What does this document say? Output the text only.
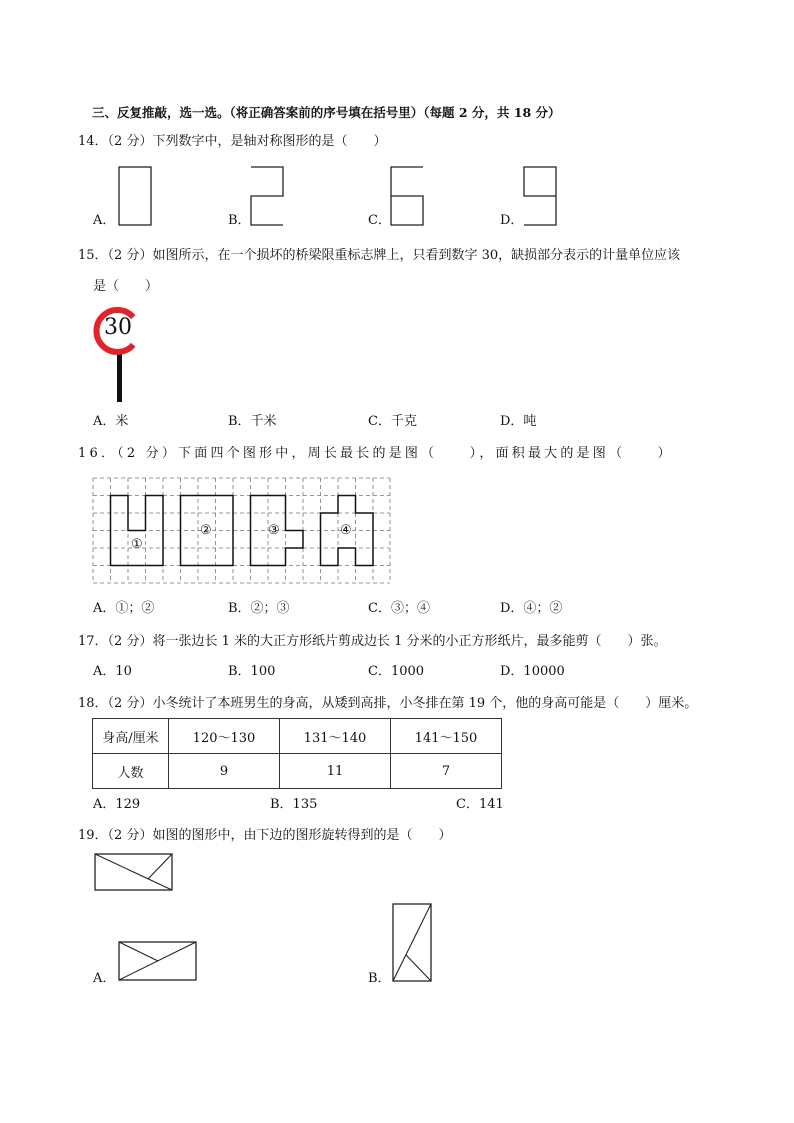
三、反复推敲，选一选。（将正确答案前的序号填在括号里）（每题 2 分，共 18 分）
14．（2 分）下列数字中，是轴对称图形的是（　　）
A．	B．	C．	D．
15．（2 分）如图所示，在一个损坏的桥梁限重标志牌上，只看到数字 30，缺损部分表示的计量单位应该
是（　　）
30
A．米	B．千米	C．千克	D．吨
16．（2 分）下面四个图形中，周长最长的是图（　　），面积最大的是图（　　）
①
②	③	④
A．①；②	B．②；③	C．③；④	D．④；②
17．（2 分）将一张边长 1 米的大正方形纸片剪成边长 1 分米的小正方形纸片，最多能剪（　　）张。
A．10	B．100	C．1000	D．10000
18．（2 分）小冬统计了本班男生的身高，从矮到高排，小冬排在第 19 个，他的身高可能是（　　）厘米。
身高/厘米	120～130	131～140	141～150
人数	9	11	7
A．129	B．135	C．141
19．（2 分）如图的图形中，由下边的图形旋转得到的是（　　）
A．	B．
